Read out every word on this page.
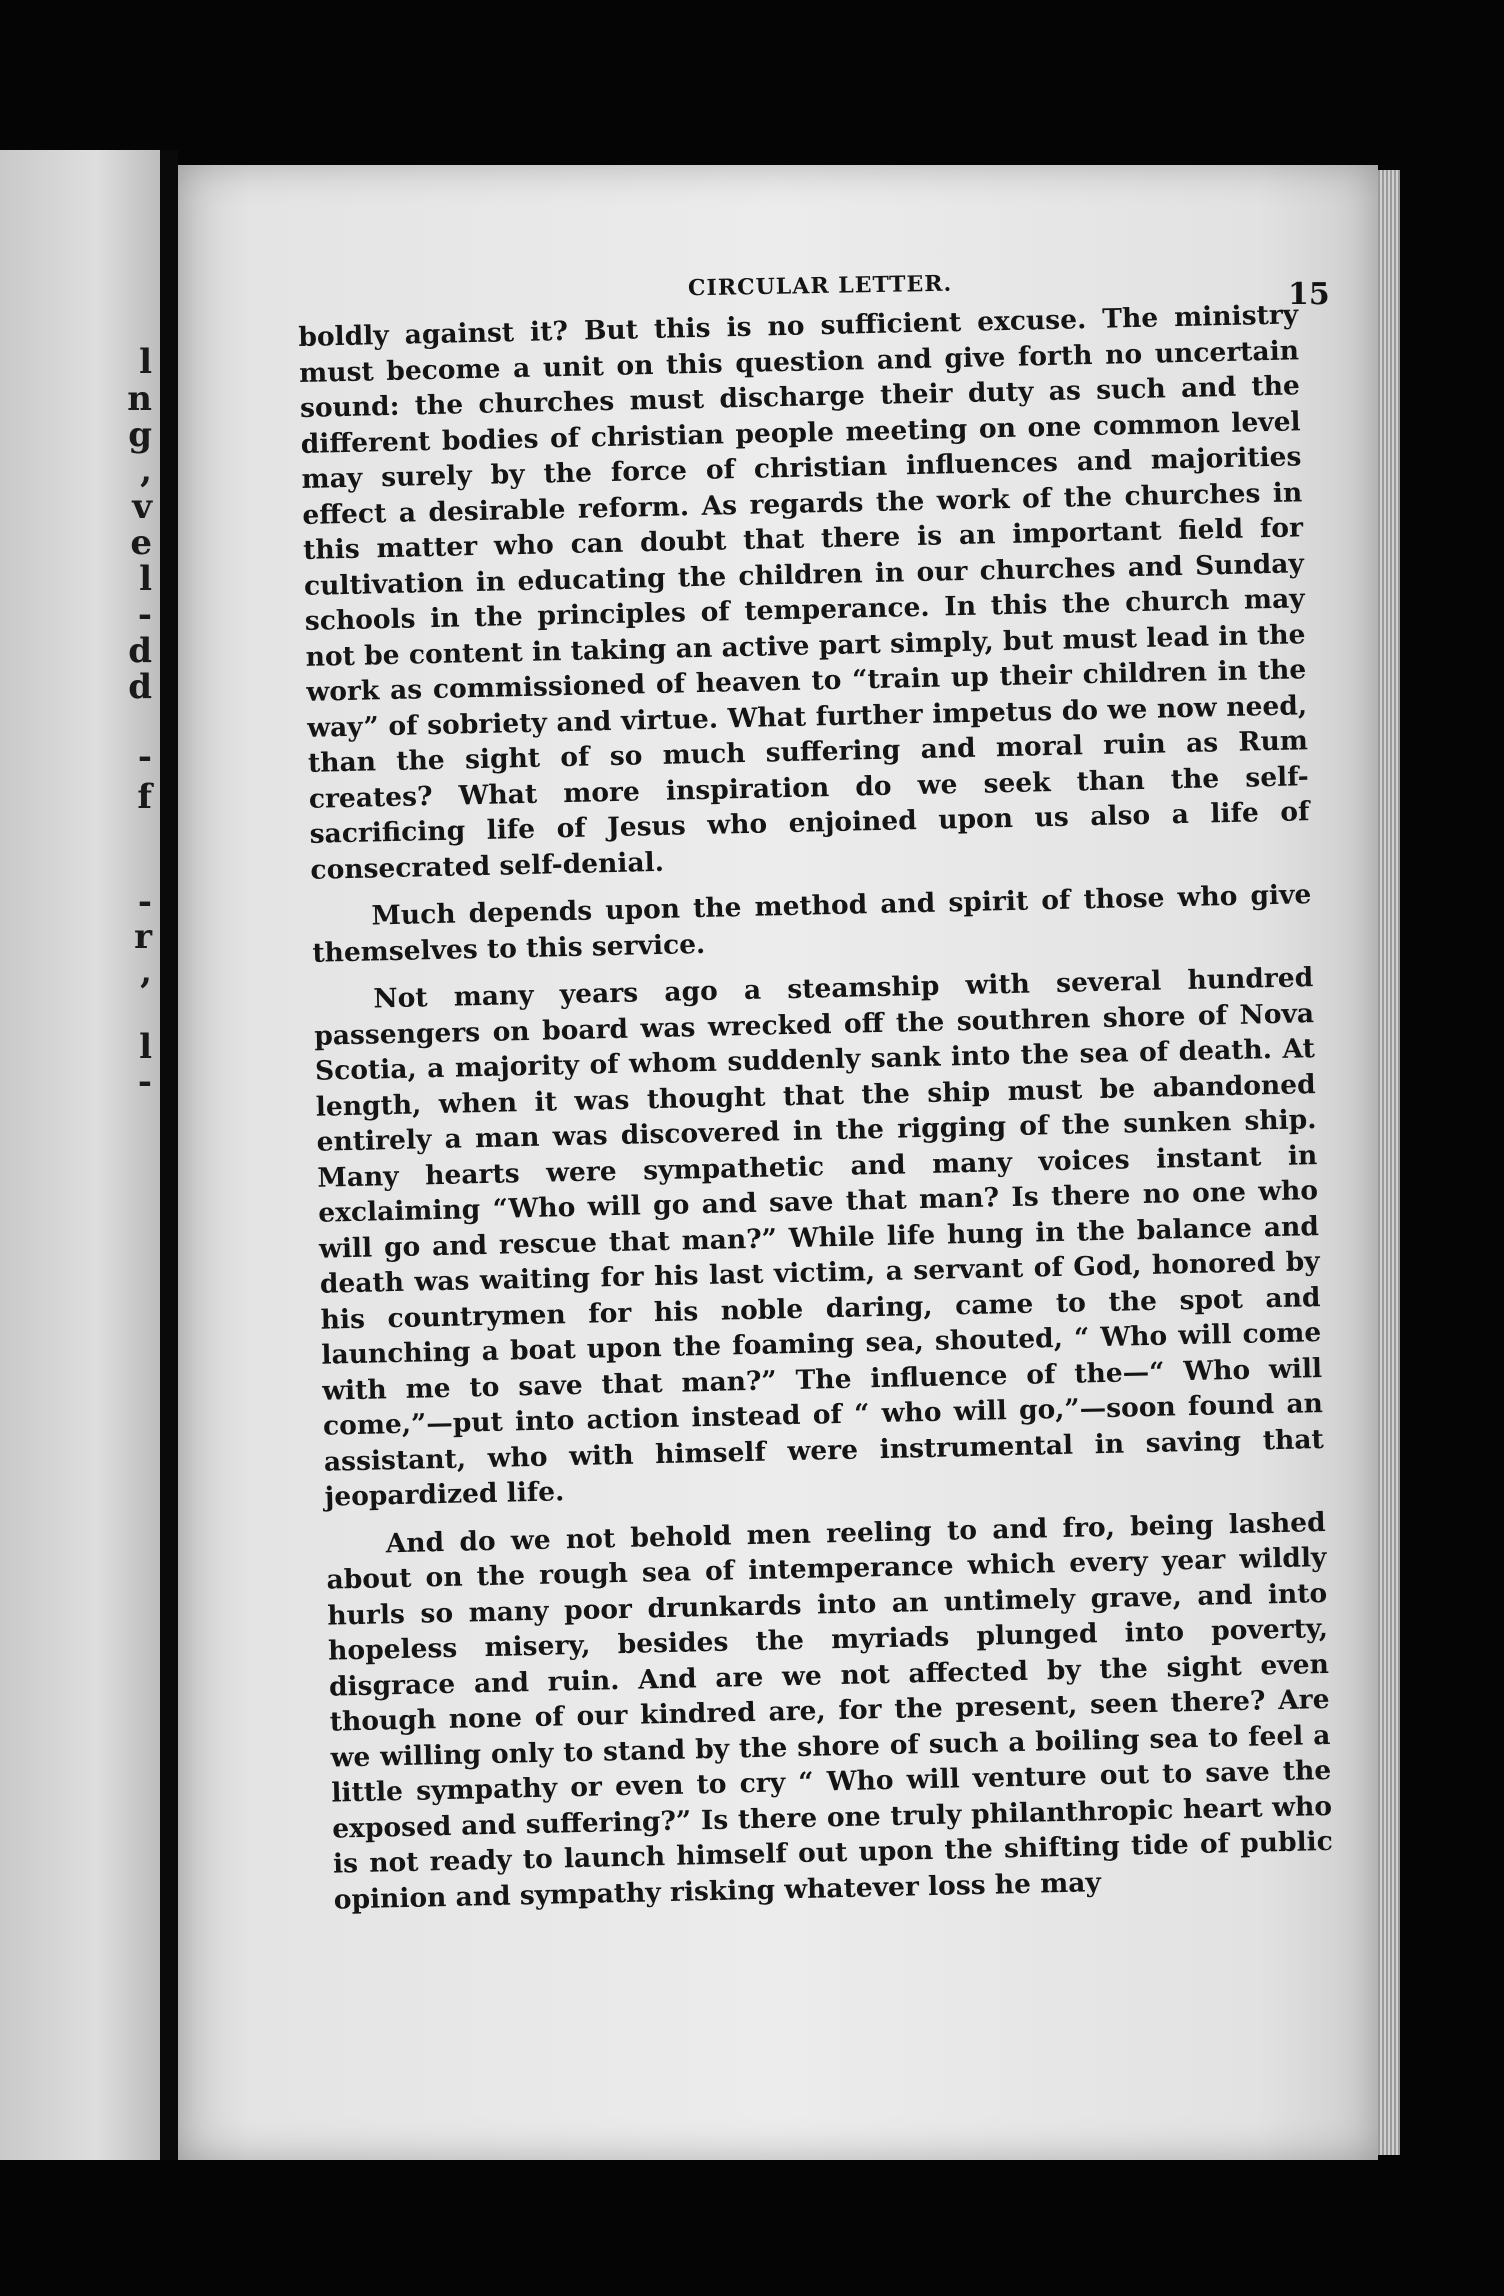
l
n
g
,
v
e
l
-
d
d
-
f
-
r
,
l
-
CIRCULAR LETTER.	15

boldly against it? But this is no sufficient excuse. The ministry must become a unit on this question and give forth no uncertain sound: the churches must discharge their duty as such and the different bodies of christian people meeting on one common level may surely by the force of christian influences and majorities effect a desirable reform. As regards the work of the churches in this matter who can doubt that there is an important field for cultivation in educating the children in our churches and Sunday schools in the principles of temperance. In this the church may not be content in taking an active part simply, but must lead in the work as commissioned of heaven to “train up their children in the way” of sobriety and virtue. What further impetus do we now need, than the sight of so much suffering and moral ruin as Rum creates? What more inspiration do we seek than the self-sacrificing life of Jesus who enjoined upon us also a life of consecrated self-denial.

Much depends upon the method and spirit of those who give themselves to this service.

Not many years ago a steamship with several hundred passengers on board was wrecked off the southren shore of Nova Scotia, a majority of whom suddenly sank into the sea of death. At length, when it was thought that the ship must be abandoned entirely a man was discovered in the rigging of the sunken ship. Many hearts were sympathetic and many voices instant in exclaiming “Who will go and save that man? Is there no one who will go and rescue that man?” While life hung in the balance and death was waiting for his last victim, a servant of God, honored by his countrymen for his noble daring, came to the spot and launching a boat upon the foaming sea, shouted, “ Who will come with me to save that man?” The influence of the—“ Who will come,”—put into action instead of “ who will go,”—soon found an assistant, who with himself were instrumental in saving that jeopardized life.

And do we not behold men reeling to and fro, being lashed about on the rough sea of intemperance which every year wildly hurls so many poor drunkards into an untimely grave, and into hopeless misery, besides the myriads plunged into poverty, disgrace and ruin. And are we not affected by the sight even though none of our kindred are, for the present, seen there? Are we willing only to stand by the shore of such a boiling sea to feel a little sympathy or even to cry “ Who will venture out to save the exposed and suffering?” Is there one truly philanthropic heart who is not ready to launch himself out upon the shifting tide of public opinion and sympathy risking whatever loss he may
